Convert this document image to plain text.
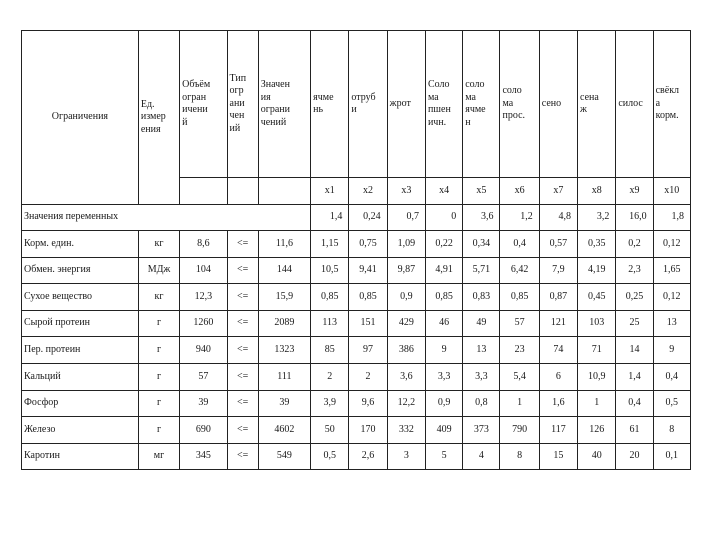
Ограничения	Ед.
измер
ения	Объём
огран
ичени
й	Тип
огр
ани
чен
ий	Значен
ия
ограни
чений	ячме
нь	отруб
и	жрот	Соло
ма
пшен
ичн.	соло
ма
ячме
н	соло
ма
прос.	сено	сена
ж	силос	свёкл
а
корм.
					x1	x2	x3	x4	x5	x6	x7	x8	x9	x10
Значения переменных					1,4	0,24	0,7	0	3,6	1,2	4,8	3,2	16,0	1,8
Корм. един.	кг	8,6	<=	11,6	1,15	0,75	1,09	0,22	0,34	0,4	0,57	0,35	0,2	0,12
Обмен. энергия	МДж	104	<=	144	10,5	9,41	9,87	4,91	5,71	6,42	7,9	4,19	2,3	1,65
Сухое вещество	кг	12,3	<=	15,9	0,85	0,85	0,9	0,85	0,83	0,85	0,87	0,45	0,25	0,12
Сырой протеин	г	1260	<=	2089	113	151	429	46	49	57	121	103	25	13
Пер. протеин	г	940	<=	1323	85	97	386	9	13	23	74	71	14	9
Кальций	г	57	<=	111	2	2	3,6	3,3	3,3	5,4	6	10,9	1,4	0,4
Фосфор	г	39	<=	39	3,9	9,6	12,2	0,9	0,8	1	1,6	1	0,4	0,5
Железо	г	690	<=	4602	50	170	332	409	373	790	117	126	61	8
Каротин	мг	345	<=	549	0,5	2,6	3	5	4	8	15	40	20	0,1
